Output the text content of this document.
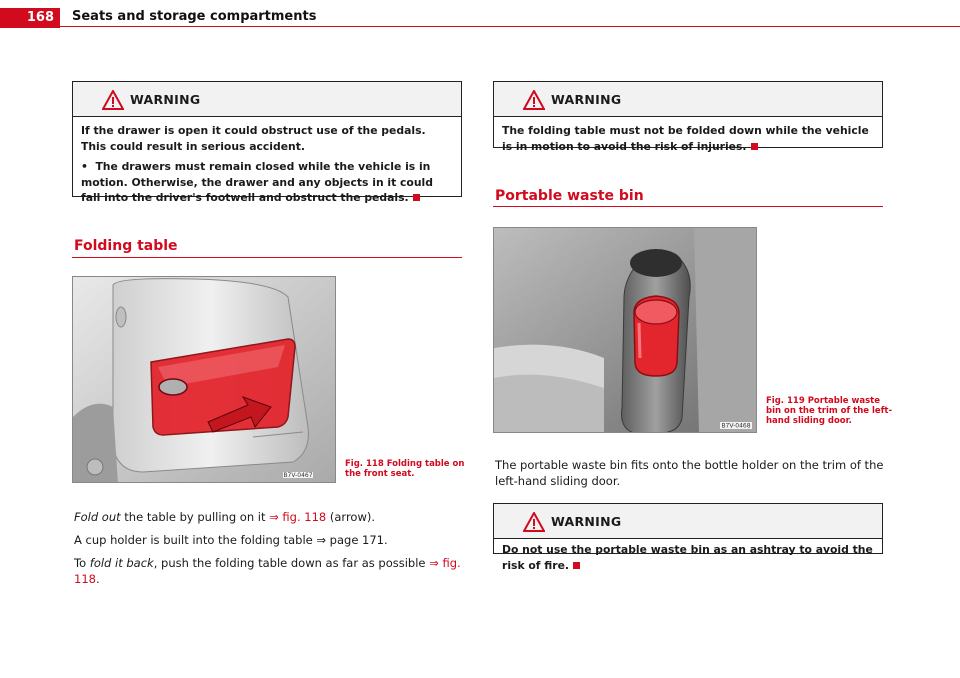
168	Seats and storage compartments
WARNING

If the drawer is open it could obstruct use of the pedals. This could result in serious accident.

• The drawers must remain closed while the vehicle is in motion. Otherwise, the drawer and any objects in it could fall into the driver's footwell and obstruct the pedals.

Folding table
B7V-0467
Fig. 118 Folding table on
the front seat.

Fold out the table by pulling on it ⇒ fig. 118 (arrow).

A cup holder is built into the folding table ⇒ page 171.

To fold it back, push the folding table down as far as possible ⇒ fig. 118.

WARNING

The folding table must not be folded down while the vehicle is in motion to avoid the risk of injuries.

Portable waste bin
B7V-0468
Fig. 119 Portable waste
bin on the trim of the left-
hand sliding door.

The portable waste bin fits onto the bottle holder on the trim of the left-hand sliding door.

WARNING

Do not use the portable waste bin as an ashtray to avoid the risk of fire.
